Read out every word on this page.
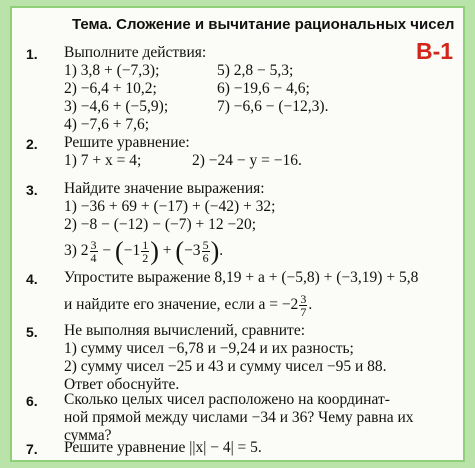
Тема. Сложение и вычитание рациональных чисел
В-1
1. Выполните действия:
1) 3,8 + (−7,3);	5) 2,8 − 5,3;
2) −6,4 + 10,2;	6) −19,6 − 4,6;
3) −4,6 + (−5,9);	7) −6,6 − (−12,3).
4) −7,6 + 7,6;
2. Решите уравнение:
1) 7 + x = 4;	2) −24 − y = −16.
3. Найдите значение выражения:
1) −36 + 69 + (−17) + (−42) + 32;
2) −8 − (−12) − (−7) + 12 −20;
3) $2 \frac{3}{4} - (-1 \frac{1}{2}$ ) + ($-3 \frac{5}{6}$ ).
4. Упростите выражение 8,19 + a + (−5,8) + (−3,19) + 5,8
и найдите его значение, если $a = -2 \frac{3}{7}$ .
5. Не выполняя вычислений, сравните:
1) сумму чисел −6,78 и −9,24 и их разность;
2) сумму чисел −25 и 43 и сумму чисел −95 и 88.
Ответ обоснуйте.
6. Сколько целых чисел расположено на координат-
ной прямой между числами −34 и 36? Чему равна их
сумма?
7. Решите уравнение ||x| − 4| = 5.
